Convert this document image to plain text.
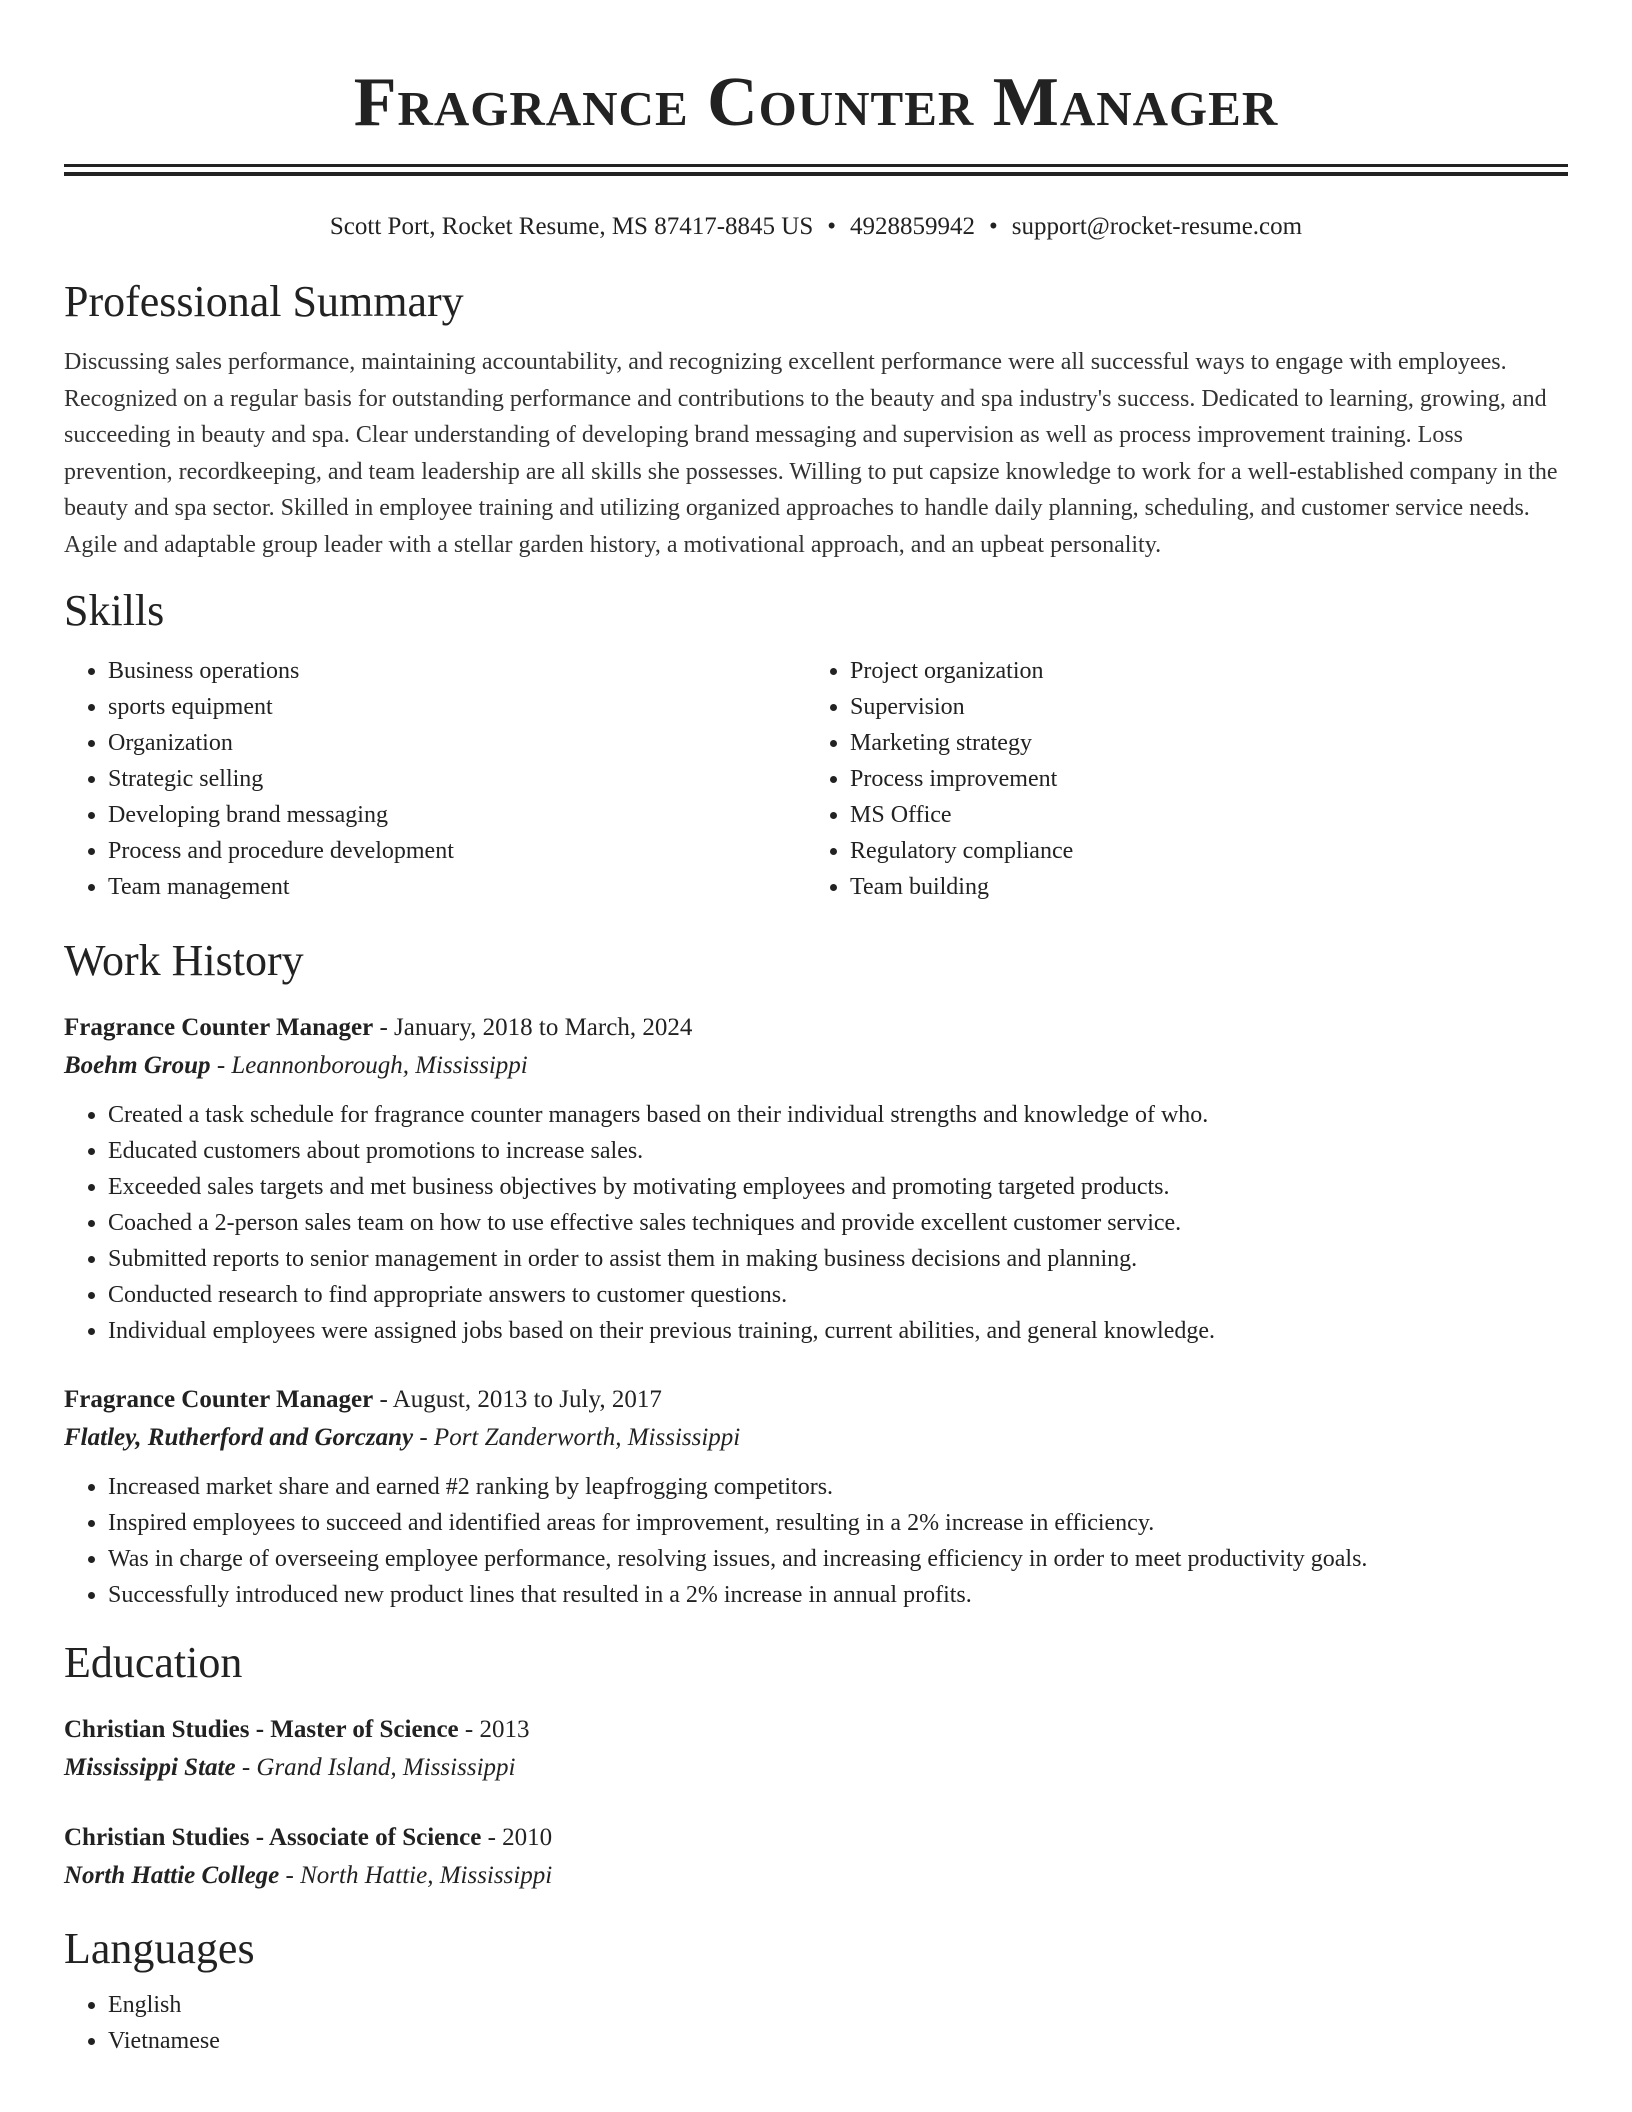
Fragrance Counter Manager
Scott Port, Rocket Resume, MS 87417-8845 US • 4928859942 • support@rocket-resume.com
Professional Summary

Discussing sales performance, maintaining accountability, and recognizing excellent performance were all successful ways to engage with employees. Recognized on a regular basis for outstanding performance and contributions to the beauty and spa industry's success. Dedicated to learning, growing, and succeeding in beauty and spa. Clear understanding of developing brand messaging and supervision as well as process improvement training. Loss prevention, recordkeeping, and team leadership are all skills she possesses. Willing to put capsize knowledge to work for a well-established company in the beauty and spa sector. Skilled in employee training and utilizing organized approaches to handle daily planning, scheduling, and customer service needs. Agile and adaptable group leader with a stellar garden history, a motivational approach, and an upbeat personality.

Skills
• Business operations
• sports equipment
• Organization
• Strategic selling
• Developing brand messaging
• Process and procedure development
• Team management
• Project organization
• Supervision
• Marketing strategy
• Process improvement
• MS Office
• Regulatory compliance
• Team building
Work History
Fragrance Counter Manager - January, 2018 to March, 2024
Boehm Group - Leannonborough, Mississippi
• Created a task schedule for fragrance counter managers based on their individual strengths and knowledge of who.
• Educated customers about promotions to increase sales.
• Exceeded sales targets and met business objectives by motivating employees and promoting targeted products.
• Coached a 2-person sales team on how to use effective sales techniques and provide excellent customer service.
• Submitted reports to senior management in order to assist them in making business decisions and planning.
• Conducted research to find appropriate answers to customer questions.
• Individual employees were assigned jobs based on their previous training, current abilities, and general knowledge.
Fragrance Counter Manager - August, 2013 to July, 2017
Flatley, Rutherford and Gorczany - Port Zanderworth, Mississippi
• Increased market share and earned #2 ranking by leapfrogging competitors.
• Inspired employees to succeed and identified areas for improvement, resulting in a 2% increase in efficiency.
• Was in charge of overseeing employee performance, resolving issues, and increasing efficiency in order to meet productivity goals.
• Successfully introduced new product lines that resulted in a 2% increase in annual profits.
Education
Christian Studies - Master of Science - 2013
Mississippi State - Grand Island, Mississippi
Christian Studies - Associate of Science - 2010
North Hattie College - North Hattie, Mississippi
Languages
• English
• Vietnamese
